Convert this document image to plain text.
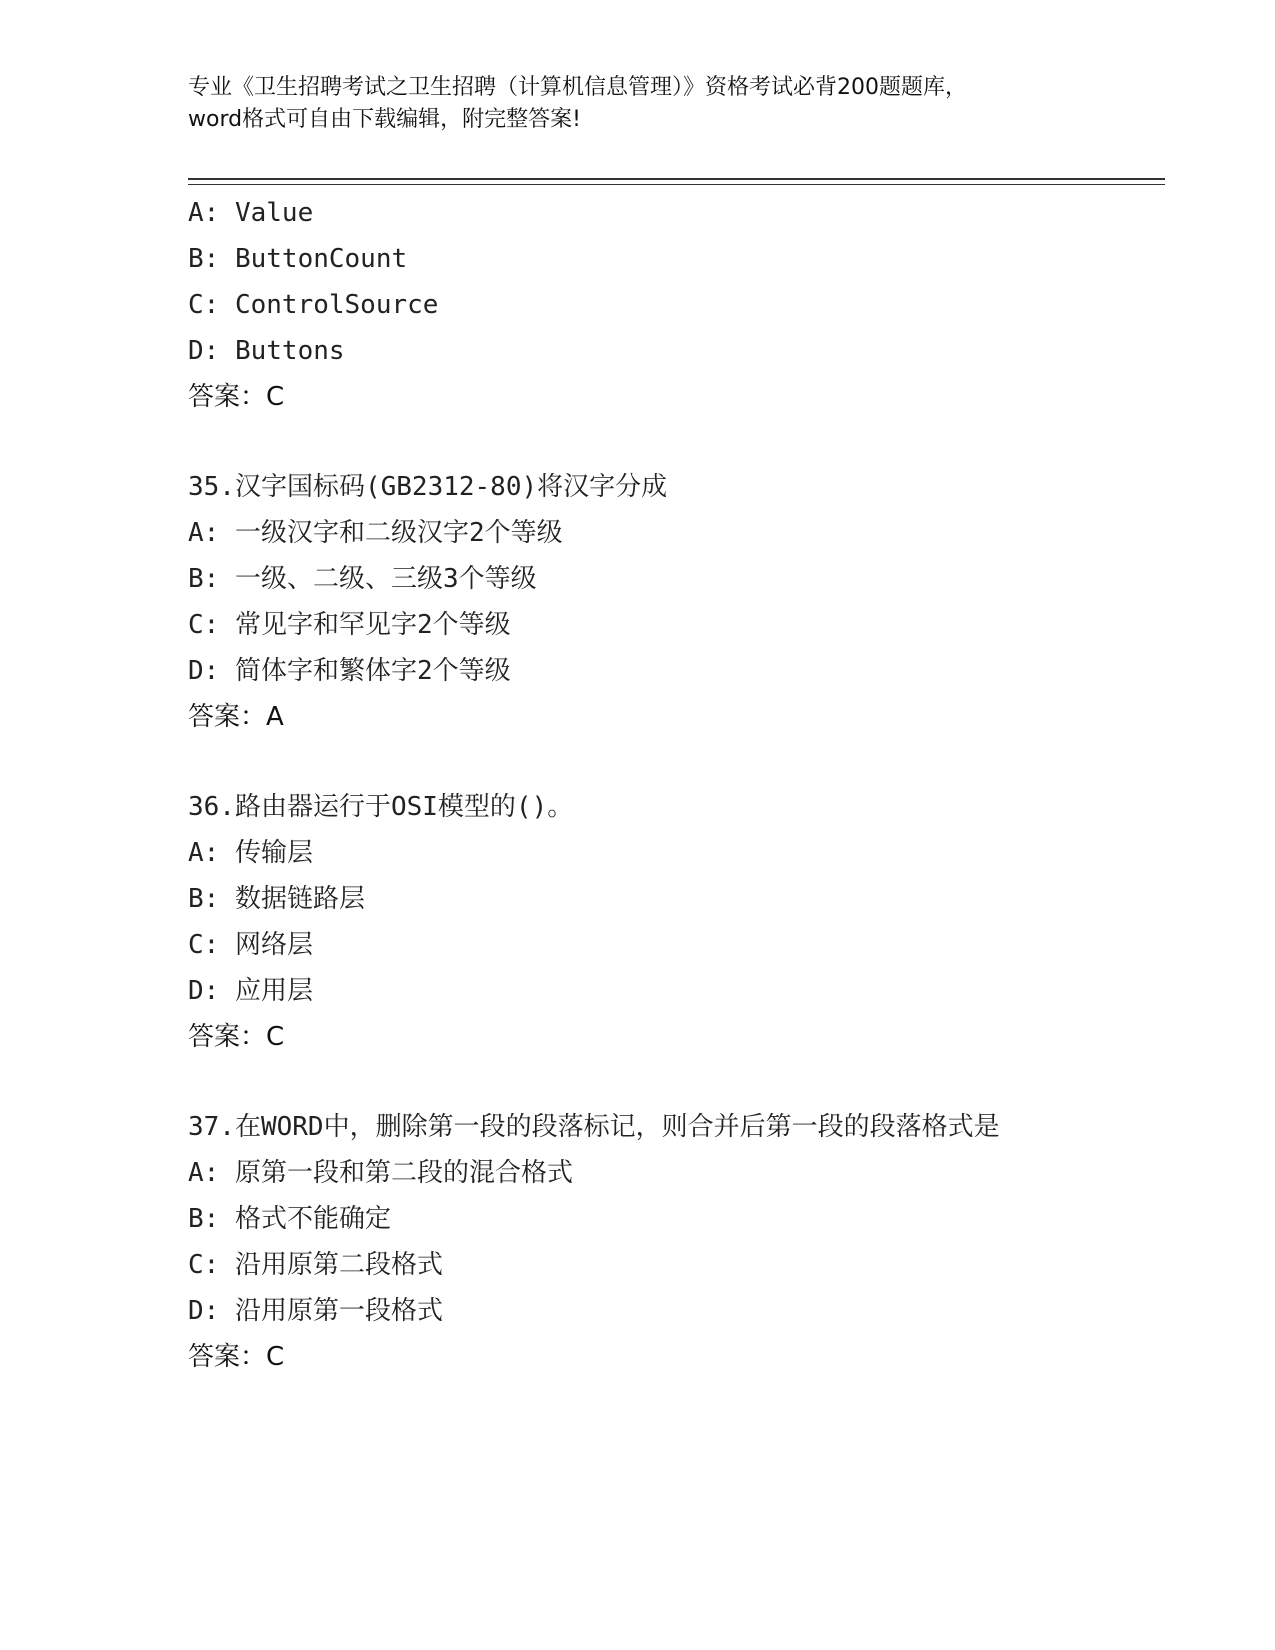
专业《卫生招聘考试之卫生招聘（计算机信息管理）》资格考试必背200题题库，
word格式可自由下载编辑，附完整答案!
A: Value
B: ButtonCount
C: ControlSource
D: Buttons
答案：C
35.汉字国标码(GB2312-80)将汉字分成
A: 一级汉字和二级汉字2个等级
B: 一级、二级、三级3个等级
C: 常见字和罕见字2个等级
D: 简体字和繁体字2个等级
答案：A
36.路由器运行于OSI模型的()。
A: 传输层
B: 数据链路层
C: 网络层
D: 应用层
答案：C
37.在WORD中，删除第一段的段落标记，则合并后第一段的段落格式是
A: 原第一段和第二段的混合格式
B: 格式不能确定
C: 沿用原第二段格式
D: 沿用原第一段格式
答案：C
